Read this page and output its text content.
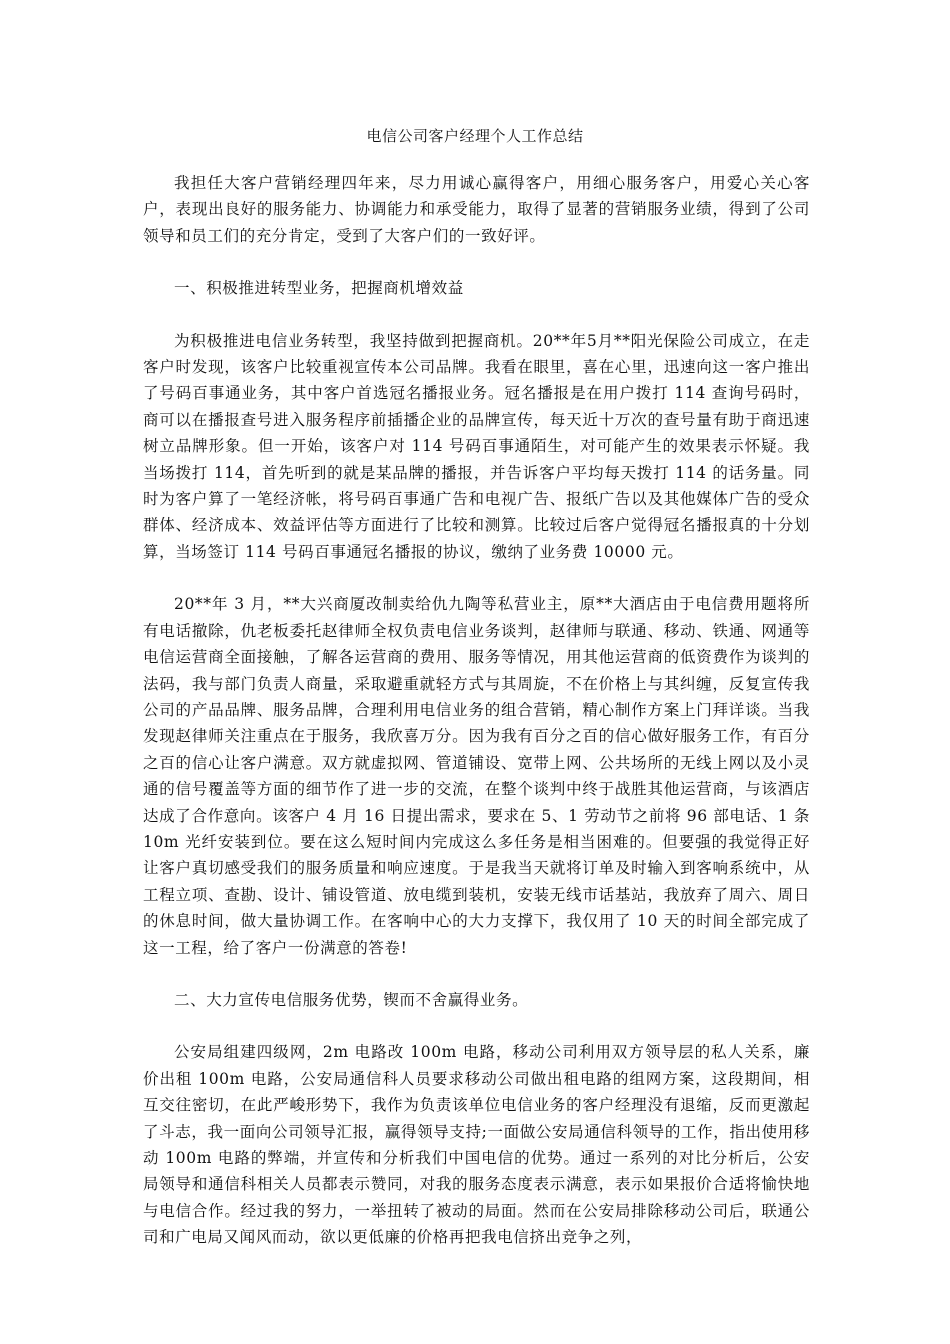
电信公司客户经理个人工作总结

我担任大客户营销经理四年来，尽力用诚心赢得客户，用细心服务客户，用爱心关心客户，表现出良好的服务能力、协调能力和承受能力，取得了显著的营销服务业绩，得到了公司领导和员工们的充分肯定，受到了大客户们的一致好评。

一、积极推进转型业务，把握商机增效益

为积极推进电信业务转型，我坚持做到把握商机。20**年5月**阳光保险公司成立，在走客户时发现，该客户比较重视宣传本公司品牌。我看在眼里，喜在心里，迅速向这一客户推出了号码百事通业务，其中客户首选冠名播报业务。冠名播报是在用户拨打 114 查询号码时，商可以在播报查号进入服务程序前插播企业的品牌宣传，每天近十万次的查号量有助于商迅速树立品牌形象。但一开始，该客户对 114 号码百事通陌生，对可能产生的效果表示怀疑。我当场拨打 114，首先听到的就是某品牌的播报，并告诉客户平均每天拨打 114 的话务量。同时为客户算了一笔经济帐，将号码百事通广告和电视广告、报纸广告以及其他媒体广告的受众群体、经济成本、效益评估等方面进行了比较和测算。比较过后客户觉得冠名播报真的十分划算，当场签订 114 号码百事通冠名播报的协议，缴纳了业务费 10000 元。

20**年 3 月，**大兴商厦改制卖给仇九陶等私营业主，原**大酒店由于电信费用题将所有电话撤除，仇老板委托赵律师全权负责电信业务谈判，赵律师与联通、移动、铁通、网通等电信运营商全面接触，了解各运营商的费用、服务等情况，用其他运营商的低资费作为谈判的法码，我与部门负责人商量，采取避重就轻方式与其周旋，不在价格上与其纠缠，反复宣传我公司的产品品牌、服务品牌，合理利用电信业务的组合营销，精心制作方案上门拜详谈。当我发现赵律师关注重点在于服务，我欣喜万分。因为我有百分之百的信心做好服务工作，有百分之百的信心让客户满意。双方就虚拟网、管道铺设、宽带上网、公共场所的无线上网以及小灵通的信号覆盖等方面的细节作了进一步的交流，在整个谈判中终于战胜其他运营商，与该酒店达成了合作意向。该客户 4 月 16 日提出需求，要求在 5、1 劳动节之前将 96 部电话、1 条 10m 光纤安装到位。要在这么短时间内完成这么多任务是相当困难的。但要强的我觉得正好让客户真切感受我们的服务质量和响应速度。于是我当天就将订单及时输入到客响系统中，从工程立项、查勘、设计、铺设管道、放电缆到装机，安装无线市话基站，我放弃了周六、周日的休息时间，做大量协调工作。在客响中心的大力支撑下，我仅用了 10 天的时间全部完成了这一工程，给了客户一份满意的答卷!

二、大力宣传电信服务优势，锲而不舍赢得业务。

公安局组建四级网，2m 电路改 100m 电路，移动公司利用双方领导层的私人关系，廉价出租 100m 电路，公安局通信科人员要求移动公司做出租电路的组网方案，这段期间，相互交往密切，在此严峻形势下，我作为负责该单位电信业务的客户经理没有退缩，反而更激起了斗志，我一面向公司领导汇报，赢得领导支持;一面做公安局通信科领导的工作，指出使用移动 100m 电路的弊端，并宣传和分析我们中国电信的优势。通过一系列的对比分析后，公安局领导和通信科相关人员都表示赞同，对我的服务态度表示满意，表示如果报价合适将愉快地与电信合作。经过我的努力，一举扭转了被动的局面。然而在公安局排除移动公司后，联通公司和广电局又闻风而动，欲以更低廉的价格再把我电信挤出竞争之列，
